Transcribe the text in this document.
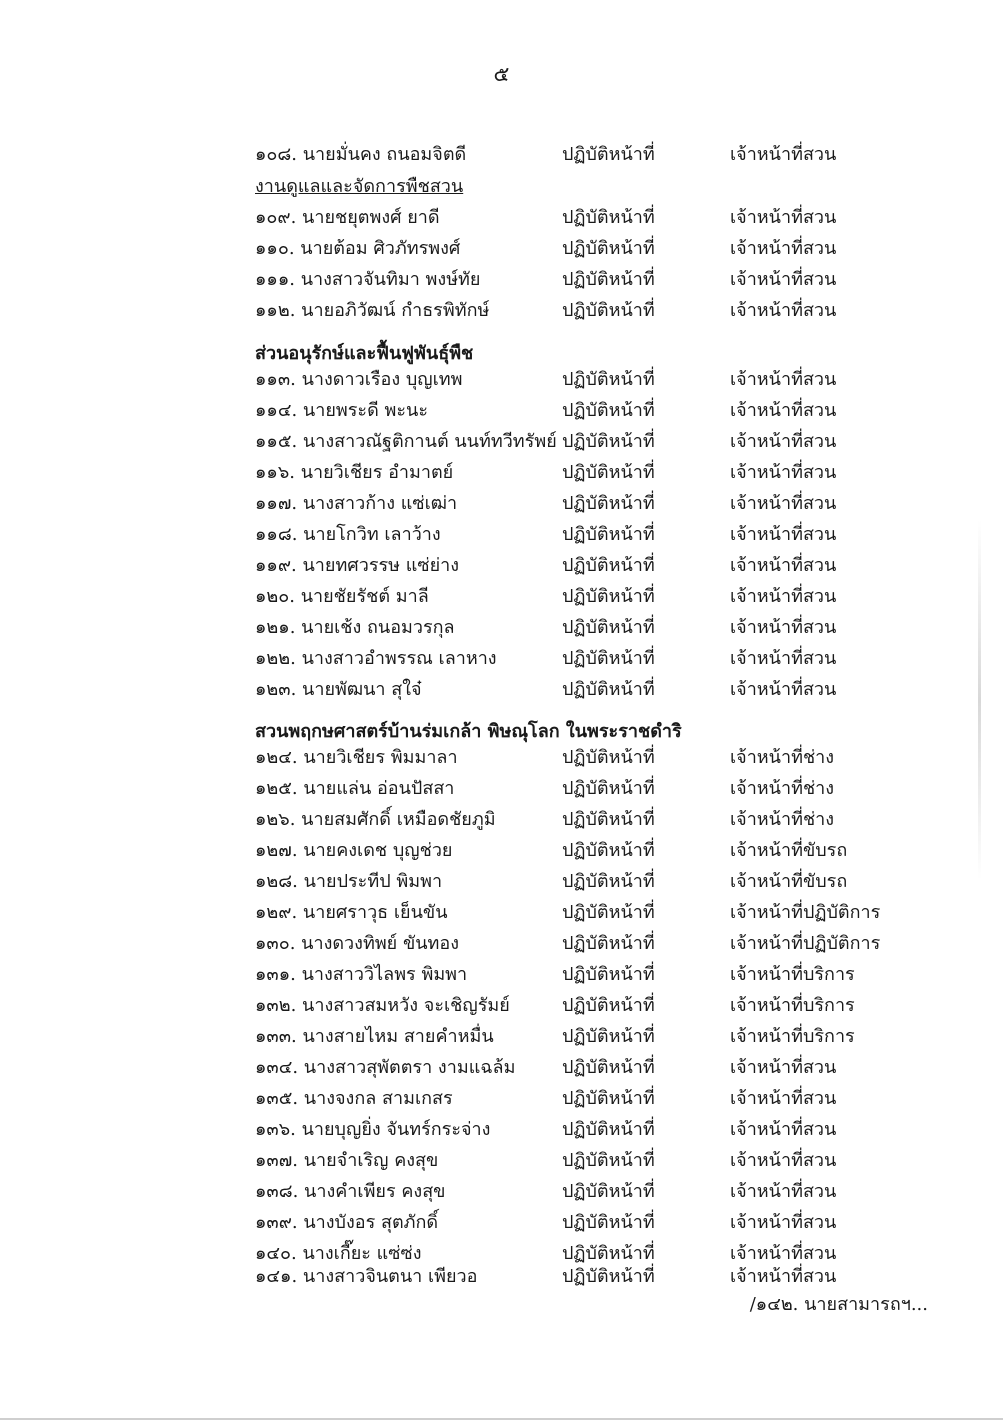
๕
๑๐๘. นายมั่นคง ถนอมจิตดี	ปฏิบัติหน้าที่	เจ้าหน้าที่สวน
งานดูแลและจัดการพืชสวน
๑๐๙. นายชยุตพงศ์ ยาดี	ปฏิบัติหน้าที่	เจ้าหน้าที่สวน
๑๑๐. นายต้อม ศิวภัทรพงศ์	ปฏิบัติหน้าที่	เจ้าหน้าที่สวน
๑๑๑. นางสาวจันทิมา พงษ์ทัย	ปฏิบัติหน้าที่	เจ้าหน้าที่สวน
๑๑๒. นายอภิวัฒน์ กำธรพิทักษ์	ปฏิบัติหน้าที่	เจ้าหน้าที่สวน
ส่วนอนุรักษ์และฟื้นฟูพันธุ์พืช
๑๑๓. นางดาวเรือง บุญเทพ	ปฏิบัติหน้าที่	เจ้าหน้าที่สวน
๑๑๔. นายพระดี พะนะ	ปฏิบัติหน้าที่	เจ้าหน้าที่สวน
๑๑๕. นางสาวณัฐติกานต์ นนท์ทวีทรัพย์ ปฏิบัติหน้าที่	เจ้าหน้าที่สวน
๑๑๖. นายวิเชียร อำมาตย์	ปฏิบัติหน้าที่	เจ้าหน้าที่สวน
๑๑๗. นางสาวก้าง แซ่เฒ่า	ปฏิบัติหน้าที่	เจ้าหน้าที่สวน
๑๑๘. นายโกวิท เลาว้าง	ปฏิบัติหน้าที่	เจ้าหน้าที่สวน
๑๑๙. นายทศวรรษ แซ่ย่าง	ปฏิบัติหน้าที่	เจ้าหน้าที่สวน
๑๒๐. นายชัยรัชต์ มาลี	ปฏิบัติหน้าที่	เจ้าหน้าที่สวน
๑๒๑. นายเช้ง ถนอมวรกุล	ปฏิบัติหน้าที่	เจ้าหน้าที่สวน
๑๒๒. นางสาวอำพรรณ เลาหาง	ปฏิบัติหน้าที่	เจ้าหน้าที่สวน
๑๒๓. นายพัฒนา สุใจ๋	ปฏิบัติหน้าที่	เจ้าหน้าที่สวน
สวนพฤกษศาสตร์บ้านร่มเกล้า พิษณุโลก ในพระราชดำริ
๑๒๔. นายวิเชียร พิมมาลา	ปฏิบัติหน้าที่	เจ้าหน้าที่ช่าง
๑๒๕. นายแล่น อ่อนปัสสา	ปฏิบัติหน้าที่	เจ้าหน้าที่ช่าง
๑๒๖. นายสมศักดิ์ เหมือดชัยภูมิ	ปฏิบัติหน้าที่	เจ้าหน้าที่ช่าง
๑๒๗. นายคงเดช บุญช่วย	ปฏิบัติหน้าที่	เจ้าหน้าที่ขับรถ
๑๒๘. นายประทีป พิมพา	ปฏิบัติหน้าที่	เจ้าหน้าที่ขับรถ
๑๒๙. นายศราวุธ เย็นขัน	ปฏิบัติหน้าที่	เจ้าหน้าที่ปฏิบัติการ
๑๓๐. นางดวงทิพย์ ขันทอง	ปฏิบัติหน้าที่	เจ้าหน้าที่ปฏิบัติการ
๑๓๑. นางสาววิไลพร พิมพา	ปฏิบัติหน้าที่	เจ้าหน้าที่บริการ
๑๓๒. นางสาวสมหวัง จะเชิญรัมย์	ปฏิบัติหน้าที่	เจ้าหน้าที่บริการ
๑๓๓. นางสายไหม สายคำหมื่น	ปฏิบัติหน้าที่	เจ้าหน้าที่บริการ
๑๓๔. นางสาวสุพัตตรา งามแฉล้ม	ปฏิบัติหน้าที่	เจ้าหน้าที่สวน
๑๓๕. นางจงกล สามเกสร	ปฏิบัติหน้าที่	เจ้าหน้าที่สวน
๑๓๖. นายบุญยิ่ง จันทร์กระจ่าง	ปฏิบัติหน้าที่	เจ้าหน้าที่สวน
๑๓๗. นายจำเริญ คงสุข	ปฏิบัติหน้าที่	เจ้าหน้าที่สวน
๑๓๘. นางคำเพียร คงสุข	ปฏิบัติหน้าที่	เจ้าหน้าที่สวน
๑๓๙. นางบังอร สุตภักดิ์	ปฏิบัติหน้าที่	เจ้าหน้าที่สวน
๑๔๐. นางเกี๊ยะ แซ่ซ่ง	ปฏิบัติหน้าที่	เจ้าหน้าที่สวน
๑๔๑. นางสาวจินตนา เพียวอ	ปฏิบัติหน้าที่	เจ้าหน้าที่สวน
/๑๔๒. นายสามารถฯ...
